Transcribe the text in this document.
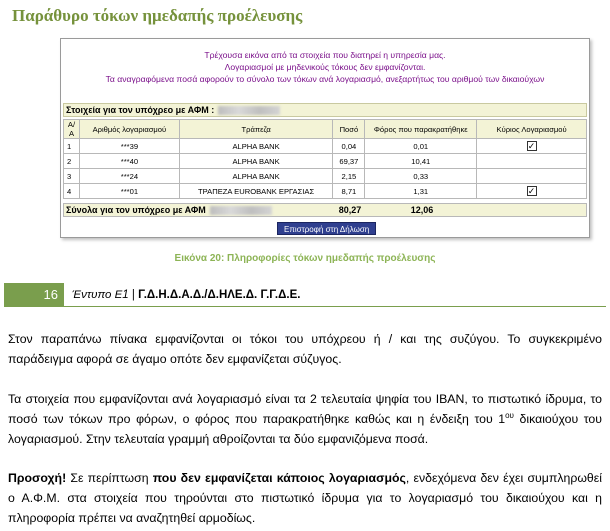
Παράθυρο τόκων ημεδαπής προέλευσης
Τρέχουσα εικόνα από τα στοιχεία που διατηρεί η υπηρεσία μας.
Λογαριασμοί με μηδενικούς τόκους δεν εμφανίζονται.
Τα αναγραφόμενα ποσά αφορούν το σύνολο των τόκων ανά λογαριασμό, ανεξαρτήτως του αριθμού των δικαιούχων
Στοιχεία για τον υπόχρεο με ΑΦΜ :
Α/Α	Αριθμός λογαριασμού	Τράπεζα	Ποσό	Φόρος που παρακρατήθηκε	Κύριος Λογαριασμού
1	***39	ALPHA BANK	0,04	0,01	✓
2	***40	ALPHA BANK	69,37	10,41	
3	***24	ALPHA BANK	2,15	0,33	
4	***01	ΤΡΑΠΕΖΑ EUROBANK ΕΡΓΑΣΙΑΣ	8,71	1,31	✓
Σύνολα για τον υπόχρεο με ΑΦΜ	80,27	12,06
Επιστροφή στη Δήλωση
Εικόνα 20: Πληροφορίες τόκων ημεδαπής προέλευσης
16	Έντυπο Ε1 | Γ.Δ.Η.Δ.Α.Δ./Δ.ΗΛΕ.Δ. Γ.Γ.Δ.Ε.

Στον παραπάνω πίνακα εμφανίζονται οι τόκοι του υπόχρεου ή / και της συζύγου. Το συγκεκριμένο παράδειγμα αφορά σε άγαμο οπότε δεν εμφανίζεται σύζυγος.

Τα στοιχεία που εμφανίζονται ανά λογαριασμό είναι τα 2 τελευταία ψηφία του IBAN, το πιστωτικό ίδρυμα, το ποσό των τόκων προ φόρων, ο φόρος που παρακρατήθηκε καθώς και η ένδειξη του $1^{o\upsilon}$ δικαιούχου του λογαριασμού. Στην τελευταία γραμμή αθροίζονται τα δύο εμφανιζόμενα ποσά.

Προσοχή! Σε περίπτωση που δεν εμφανίζεται κάποιος λογαριασμός, ενδεχόμενα δεν έχει συμπληρωθεί ο Α.Φ.Μ. στα στοιχεία που τηρούνται στο πιστωτικό ίδρυμα για το λογαριασμό του δικαιούχου και η πληροφορία πρέπει να αναζητηθεί αρμοδίως.
